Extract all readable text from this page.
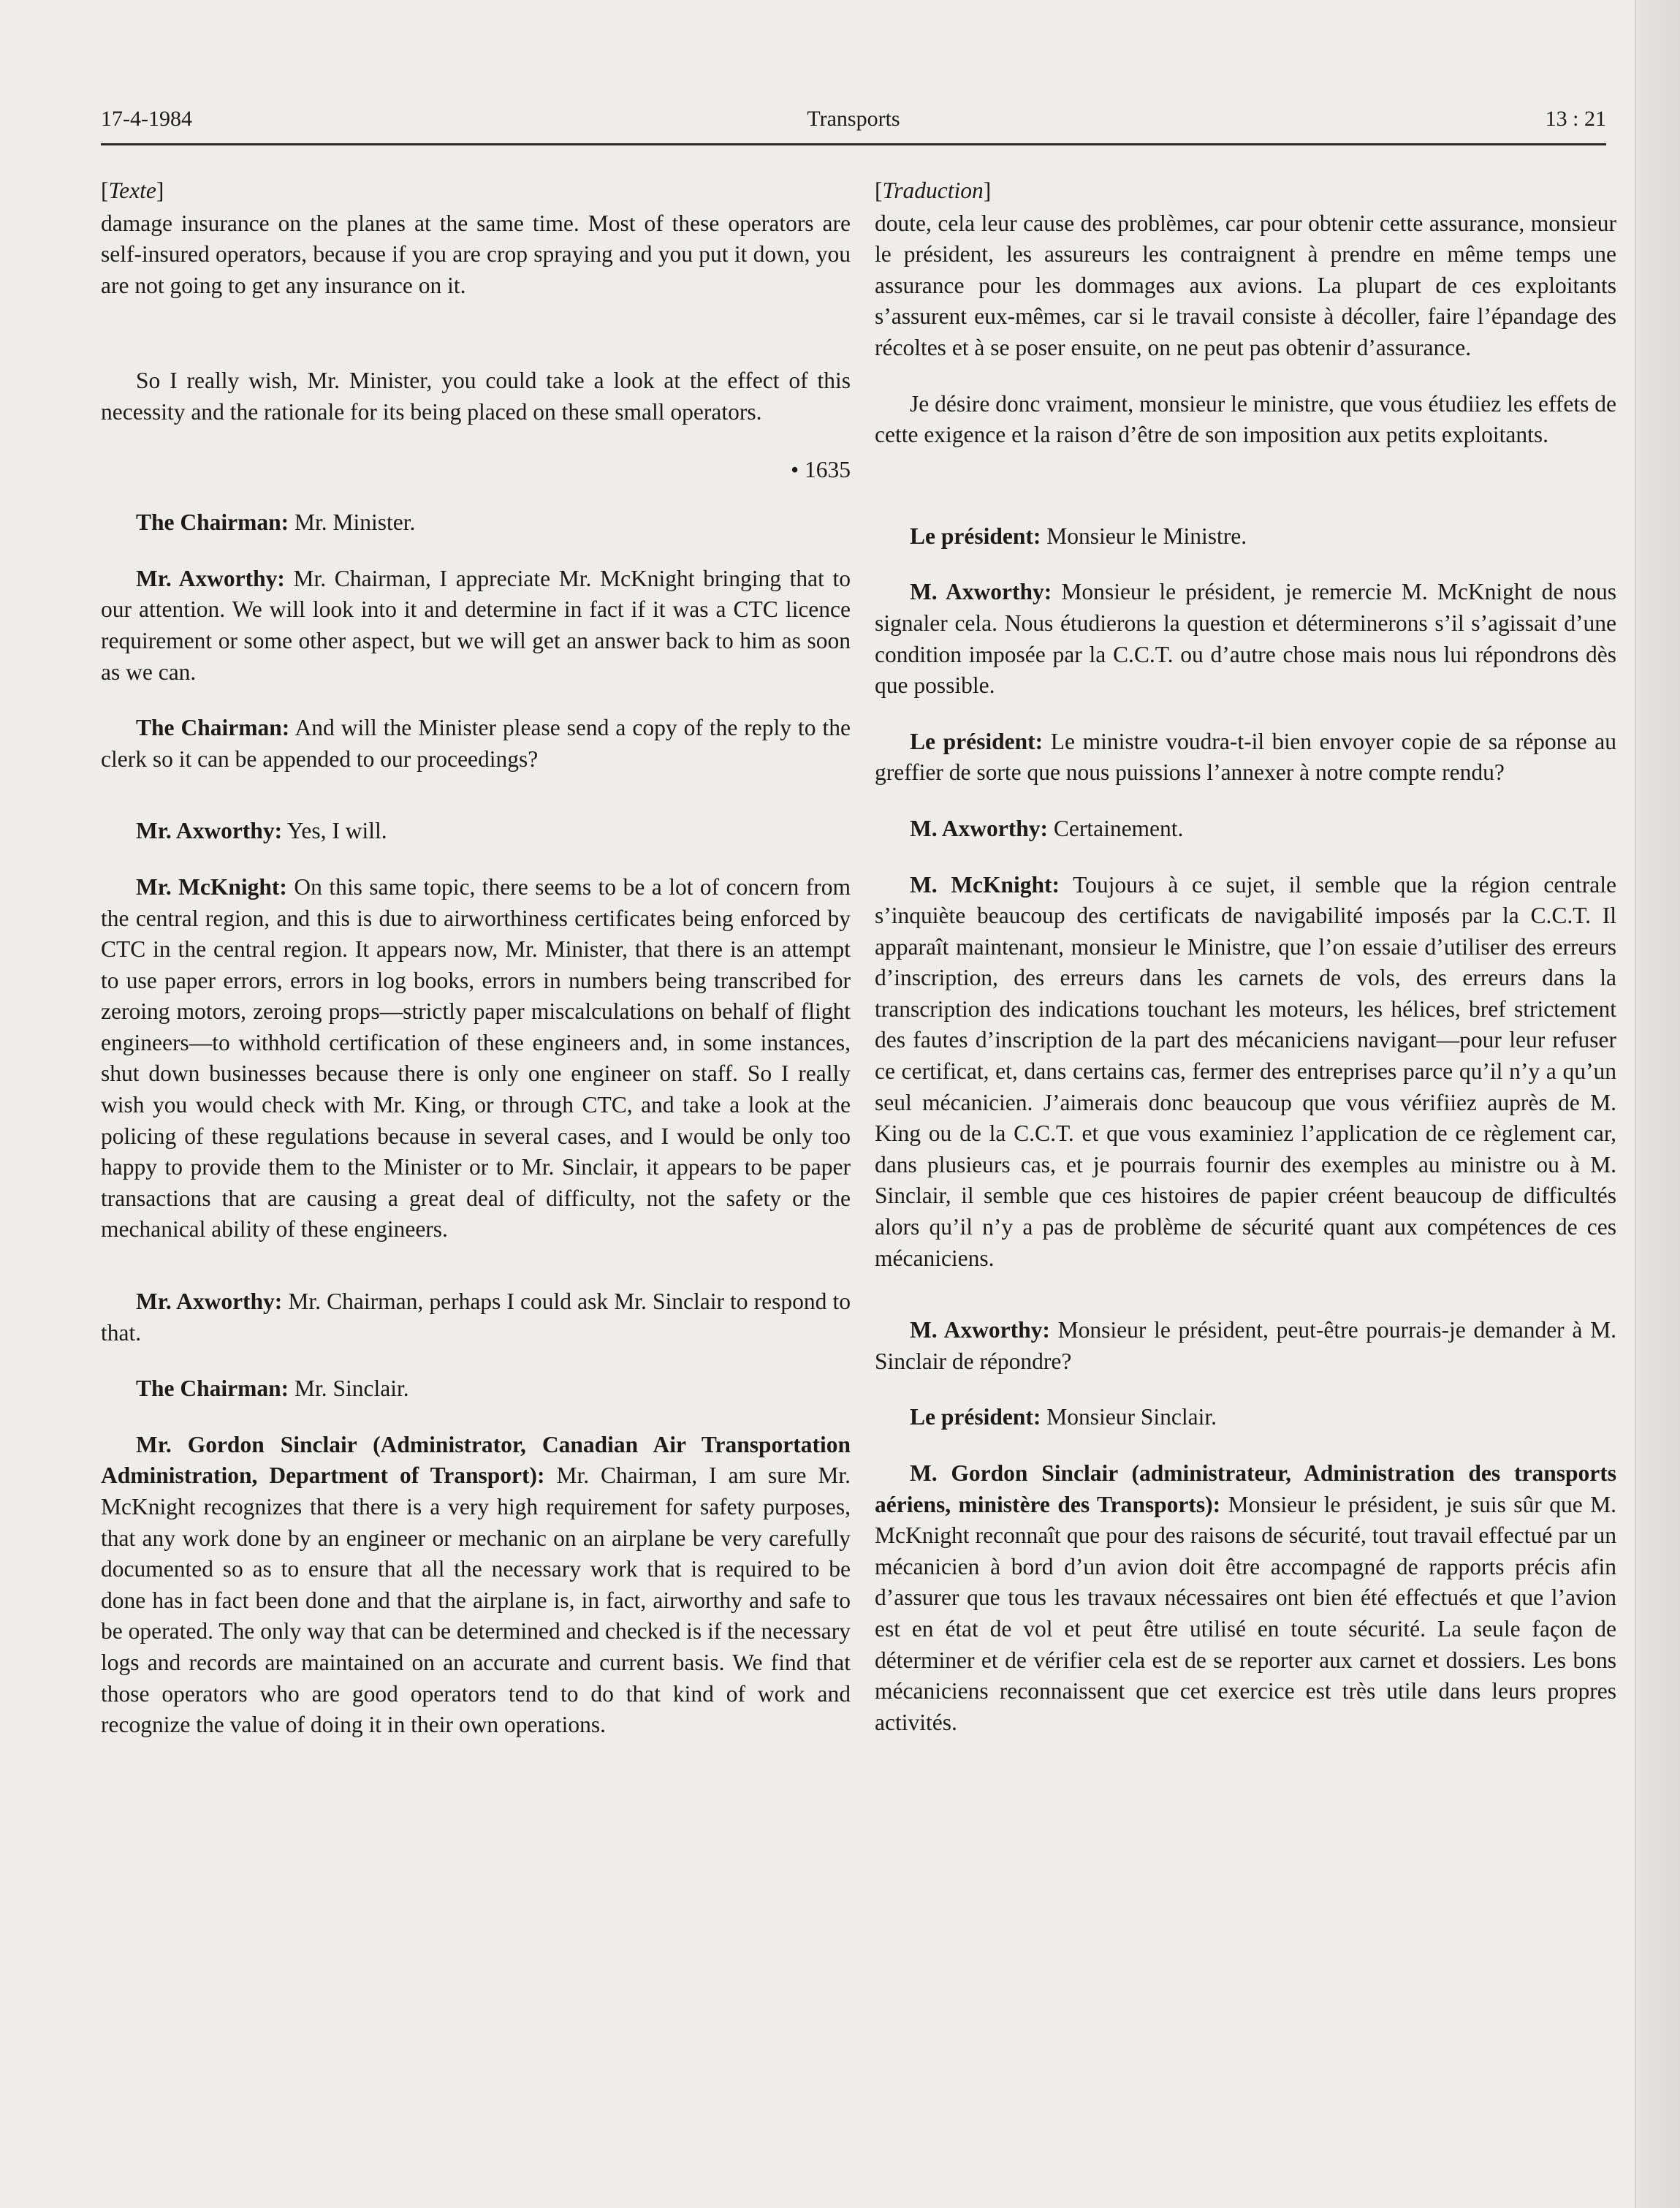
17-4-1984	Transports	13 : 21
[Texte]

damage insurance on the planes at the same time. Most of these operators are self-insured operators, because if you are crop spraying and you put it down, you are not going to get any insurance on it.

So I really wish, Mr. Minister, you could take a look at the effect of this necessity and the rationale for its being placed on these small operators.

• 1635

The Chairman: Mr. Minister.

Mr. Axworthy: Mr. Chairman, I appreciate Mr. McKnight bringing that to our attention. We will look into it and determine in fact if it was a CTC licence requirement or some other aspect, but we will get an answer back to him as soon as we can.

The Chairman: And will the Minister please send a copy of the reply to the clerk so it can be appended to our proceedings?

Mr. Axworthy: Yes, I will.

Mr. McKnight: On this same topic, there seems to be a lot of concern from the central region, and this is due to airworthiness certificates being enforced by CTC in the central region. It appears now, Mr. Minister, that there is an attempt to use paper errors, errors in log books, errors in numbers being transcribed for zeroing motors, zeroing props—strictly paper miscalculations on behalf of flight engineers—to withhold certification of these engineers and, in some instances, shut down businesses because there is only one engineer on staff. So I really wish you would check with Mr. King, or through CTC, and take a look at the policing of these regulations because in several cases, and I would be only too happy to provide them to the Minister or to Mr. Sinclair, it appears to be paper transactions that are causing a great deal of difficulty, not the safety or the mechanical ability of these engineers.

Mr. Axworthy: Mr. Chairman, perhaps I could ask Mr. Sinclair to respond to that.

The Chairman: Mr. Sinclair.

Mr. Gordon Sinclair (Administrator, Canadian Air Transportation Administration, Department of Transport): Mr. Chairman, I am sure Mr. McKnight recognizes that there is a very high requirement for safety purposes, that any work done by an engineer or mechanic on an airplane be very carefully documented so as to ensure that all the necessary work that is required to be done has in fact been done and that the airplane is, in fact, airworthy and safe to be operated. The only way that can be determined and checked is if the necessary logs and records are maintained on an accurate and current basis. We find that those operators who are good operators tend to do that kind of work and recognize the value of doing it in their own operations.

[Traduction]

doute, cela leur cause des problèmes, car pour obtenir cette assurance, monsieur le président, les assureurs les contraignent à prendre en même temps une assurance pour les dommages aux avions. La plupart de ces exploitants s’assurent eux-mêmes, car si le travail consiste à décoller, faire l’épandage des récoltes et à se poser ensuite, on ne peut pas obtenir d’assurance.

Je désire donc vraiment, monsieur le ministre, que vous étudiiez les effets de cette exigence et la raison d’être de son imposition aux petits exploitants.

Le président: Monsieur le Ministre.

M. Axworthy: Monsieur le président, je remercie M. McKnight de nous signaler cela. Nous étudierons la question et déterminerons s’il s’agissait d’une condition imposée par la C.C.T. ou d’autre chose mais nous lui répondrons dès que possible.

Le président: Le ministre voudra-t-il bien envoyer copie de sa réponse au greffier de sorte que nous puissions l’annexer à notre compte rendu?

M. Axworthy: Certainement.

M. McKnight: Toujours à ce sujet, il semble que la région centrale s’inquiète beaucoup des certificats de navigabilité imposés par la C.C.T. Il apparaît maintenant, monsieur le Ministre, que l’on essaie d’utiliser des erreurs d’inscription, des erreurs dans les carnets de vols, des erreurs dans la transcription des indications touchant les moteurs, les hélices, bref strictement des fautes d’inscription de la part des mécaniciens navigant—pour leur refuser ce certificat, et, dans certains cas, fermer des entreprises parce qu’il n’y a qu’un seul mécanicien. J’aimerais donc beaucoup que vous vérifiiez auprès de M. King ou de la C.C.T. et que vous examiniez l’application de ce règlement car, dans plusieurs cas, et je pourrais fournir des exemples au ministre ou à M. Sinclair, il semble que ces histoires de papier créent beaucoup de difficultés alors qu’il n’y a pas de problème de sécurité quant aux compétences de ces mécaniciens.

M. Axworthy: Monsieur le président, peut-être pourrais-je demander à M. Sinclair de répondre?

Le président: Monsieur Sinclair.

M. Gordon Sinclair (administrateur, Administration des transports aériens, ministère des Transports): Monsieur le président, je suis sûr que M. McKnight reconnaît que pour des raisons de sécurité, tout travail effectué par un mécanicien à bord d’un avion doit être accompagné de rapports précis afin d’assurer que tous les travaux nécessaires ont bien été effectués et que l’avion est en état de vol et peut être utilisé en toute sécurité. La seule façon de déterminer et de vérifier cela est de se reporter aux carnet et dossiers. Les bons mécaniciens reconnaissent que cet exercice est très utile dans leurs propres activités.
